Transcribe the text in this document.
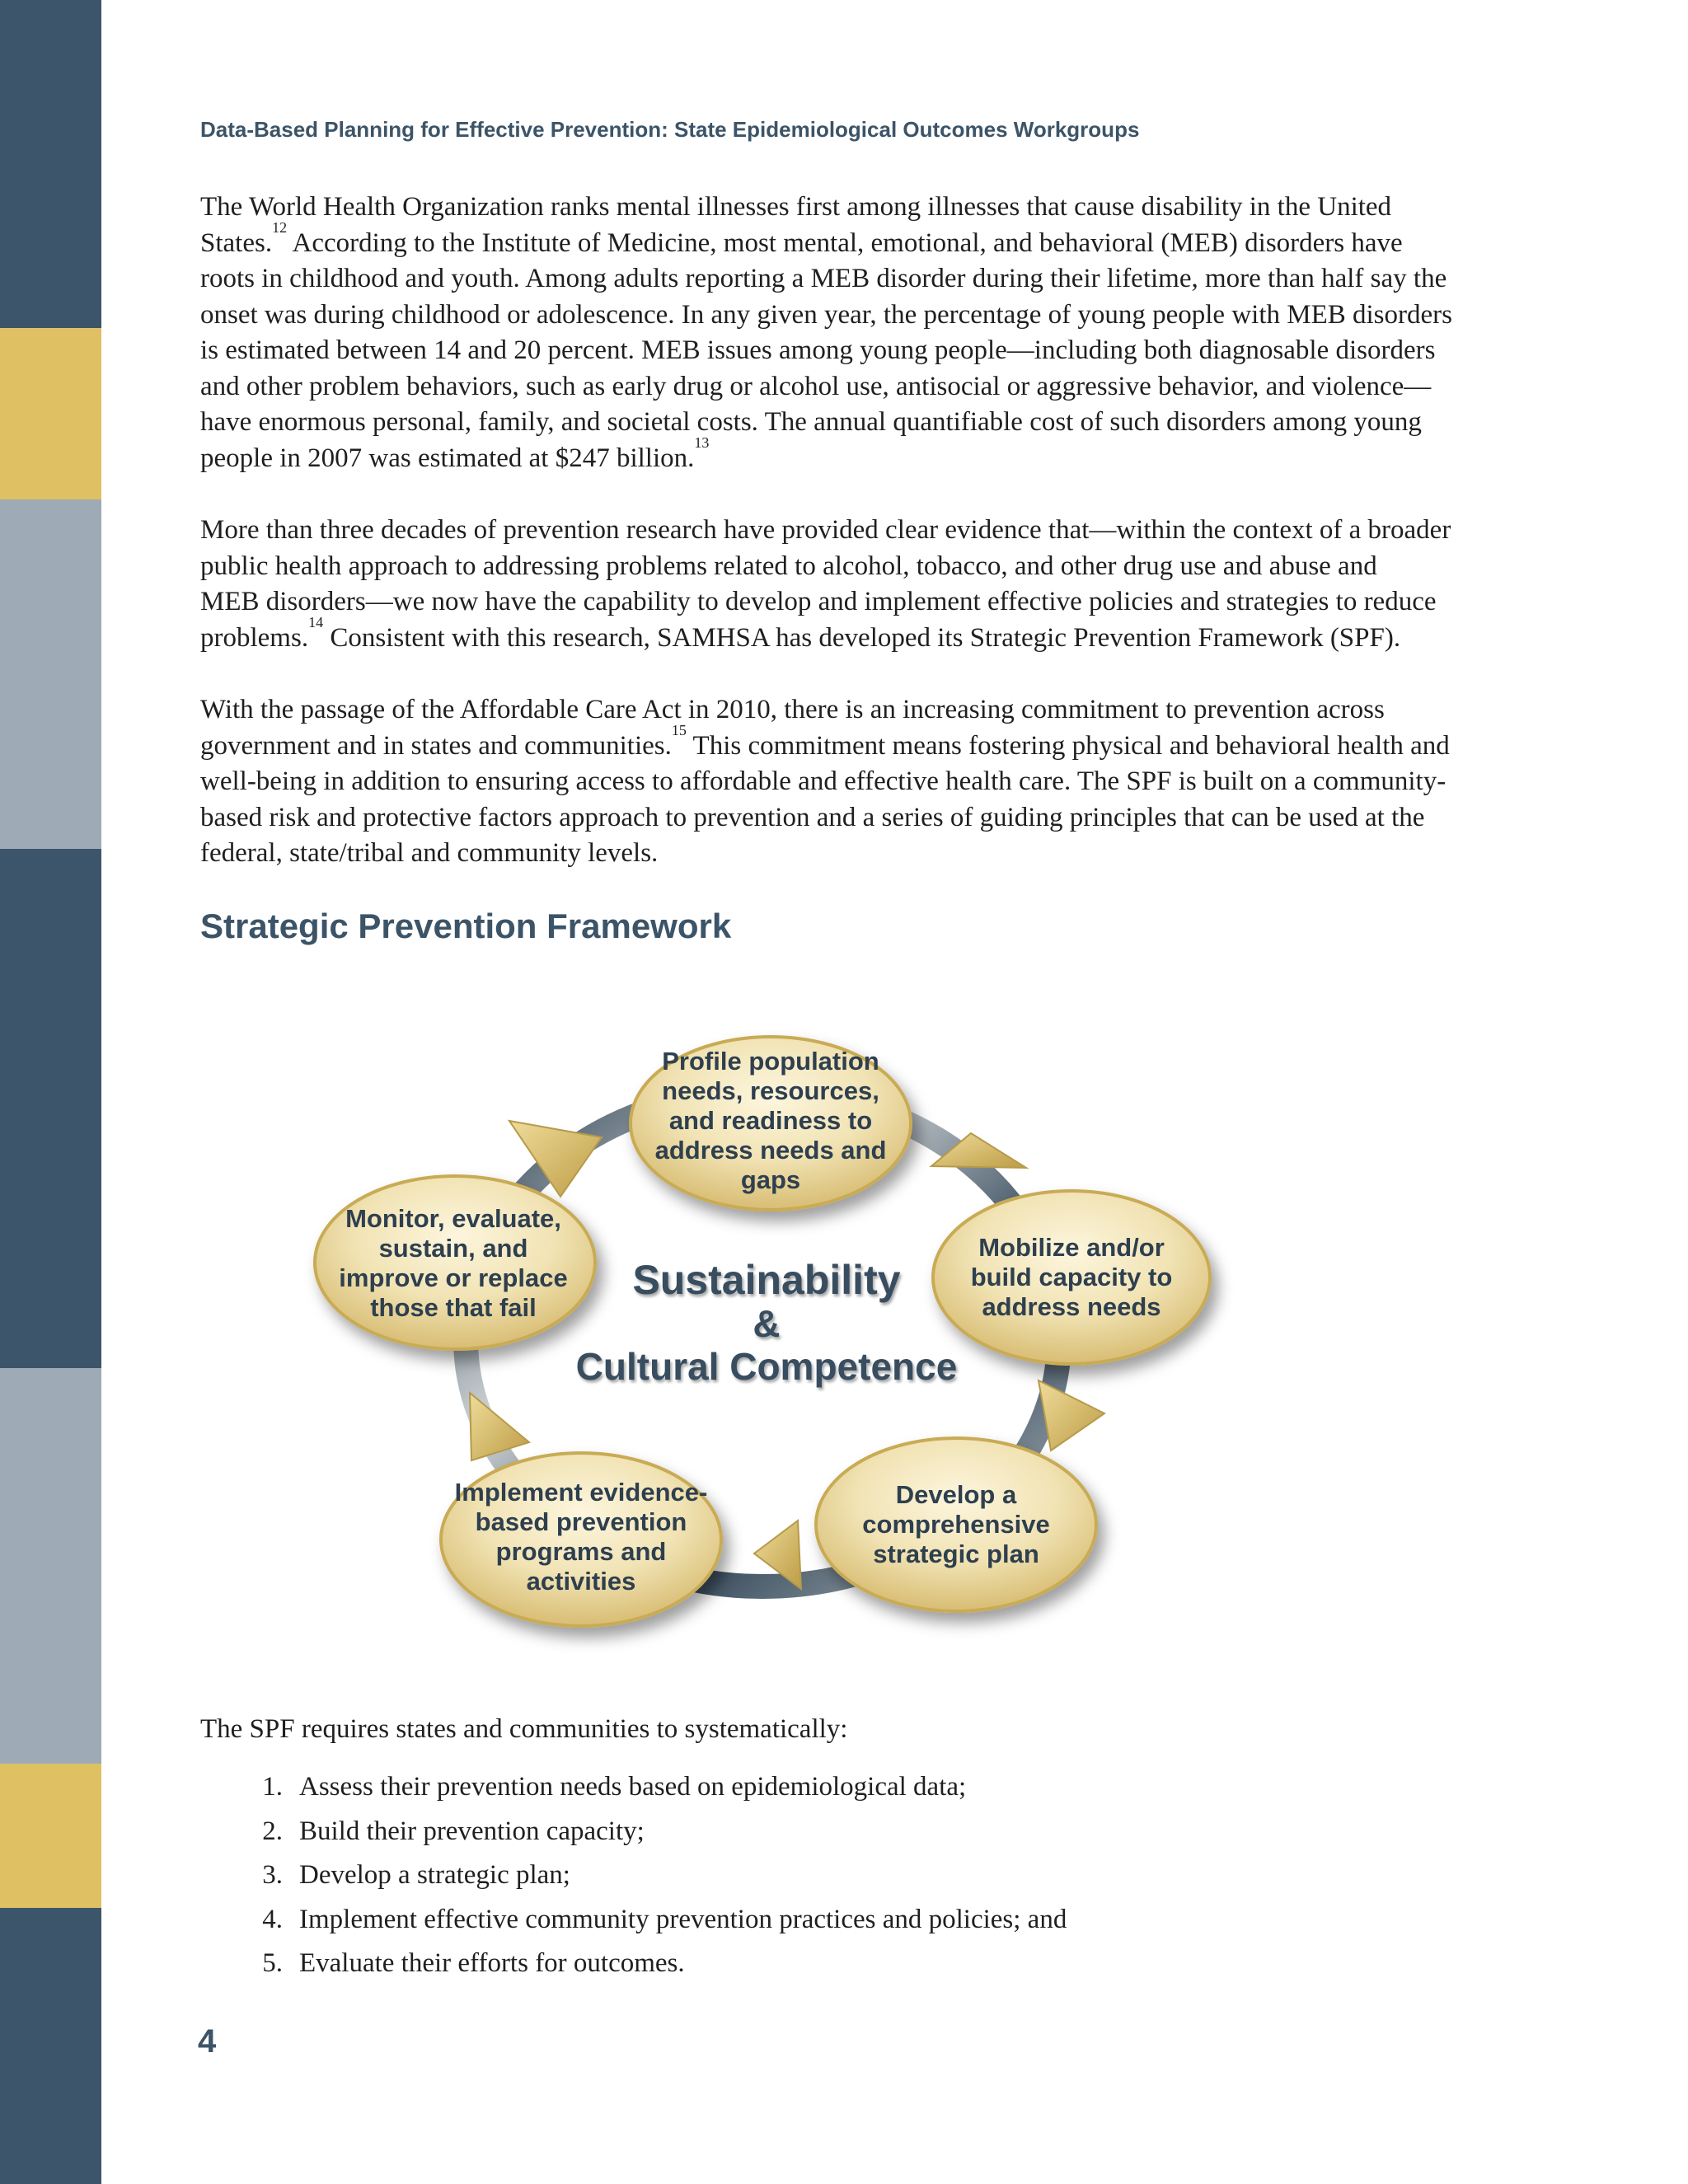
Data-Based Planning for Effective Prevention: State Epidemiological Outcomes Workgroups

The World Health Organization ranks mental illnesses first among illnesses that cause disability in the United
States.$^{12}$ According to the Institute of Medicine, most mental, emotional, and behavioral (MEB) disorders have
roots in childhood and youth. Among adults reporting a MEB disorder during their lifetime, more than half say the
onset was during childhood or adolescence. In any given year, the percentage of young people with MEB disorders
is estimated between 14 and 20 percent. MEB issues among young people—including both diagnosable disorders
and other problem behaviors, such as early drug or alcohol use, antisocial or aggressive behavior, and violence—
have enormous personal, family, and societal costs. The annual quantifiable cost of such disorders among young
people in 2007 was estimated at $247 billion.$^{13}$

More than three decades of prevention research have provided clear evidence that—within the context of a broader
public health approach to addressing problems related to alcohol, tobacco, and other drug use and abuse and
MEB disorders—we now have the capability to develop and implement effective policies and strategies to reduce
problems.$^{14}$ Consistent with this research, SAMHSA has developed its Strategic Prevention Framework (SPF).

With the passage of the Affordable Care Act in 2010, there is an increasing commitment to prevention across
government and in states and communities.$^{15}$ This commitment means fostering physical and behavioral health and
well-being in addition to ensuring access to affordable and effective health care. The SPF is built on a community-
based risk and protective factors approach to prevention and a series of guiding principles that can be used at the
federal, state/tribal and community levels.

Strategic Prevention Framework
Profile population needs, resources, and readiness to address needs and gaps
Mobilize and/or build capacity to address needs
Develop a comprehensive strategic plan
Implement evidence-based prevention programs and activities
Monitor, evaluate, sustain, and improve or replace those that fail
Sustainability
&
Cultural Competence
The SPF requires states and communities to systematically:
1. Assess their prevention needs based on epidemiological data;
2. Build their prevention capacity;
3. Develop a strategic plan;
4. Implement effective community prevention practices and policies; and
5. Evaluate their efforts for outcomes.
4
